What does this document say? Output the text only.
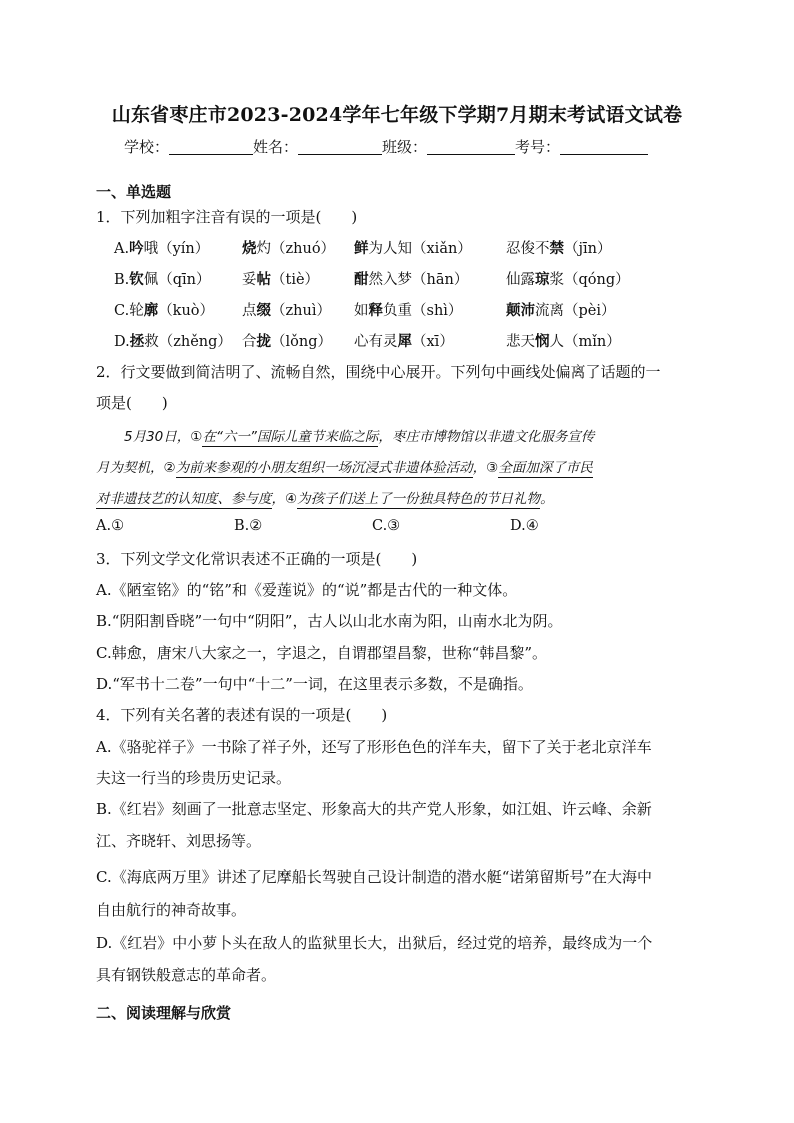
山东省枣庄市2023-2024学年七年级下学期7月期末考试语文试卷
学校：	姓名：	班级：	考号：
一、单选题
1．下列加粗字注音有误的一项是(　　)
A.吟哦（yín） 烧灼（zhuó） 鲜为人知（xiǎn） 忍俊不禁（jīn）
B.钦佩（qīn） 妥帖（tiè） 酣然入梦（hān）	仙露琼浆（qóng）
C.轮廓（kuò） 点缀（zhuì） 如释负重（shì）	颠沛流离（pèi）
D.拯救（zhěng） 合拢（lǒng） 心有灵犀（xī）	悲天悯人（mǐn）
2．行文要做到简洁明了、流畅自然，围绕中心展开。下列句中画线处偏离了话题的一
项是(　　)
5月30日，①在“六一”国际儿童节来临之际，枣庄市博物馆以非遗文化服务宣传
月为契机，②为前来参观的小朋友组织一场沉浸式非遗体验活动，③全面加深了市民
对非遗技艺的认知度、参与度，④为孩子们送上了一份独具特色的节日礼物。
A.①	B.②	C.③	D.④
3．下列文学文化常识表述不正确的一项是(　　)
A.《陋室铭》的“铭”和《爱莲说》的“说”都是古代的一种文体。
B.“阴阳割昏晓”一句中“阴阳”，古人以山北水南为阳，山南水北为阴。
C.韩愈，唐宋八大家之一，字退之，自谓郡望昌黎，世称“韩昌黎”。
D.“军书十二卷”一句中“十二”一词，在这里表示多数，不是确指。
4．下列有关名著的表述有误的一项是(　　)
A.《骆驼祥子》一书除了祥子外，还写了形形色色的洋车夫，留下了关于老北京洋车
夫这一行当的珍贵历史记录。
B.《红岩》刻画了一批意志坚定、形象高大的共产党人形象，如江姐、许云峰、余新
江、齐晓轩、刘思扬等。
C.《海底两万里》讲述了尼摩船长驾驶自己设计制造的潜水艇“诺第留斯号”在大海中
自由航行的神奇故事。
D.《红岩》中小萝卜头在敌人的监狱里长大，出狱后，经过党的培养，最终成为一个
具有钢铁般意志的革命者。
二、阅读理解与欣赏
